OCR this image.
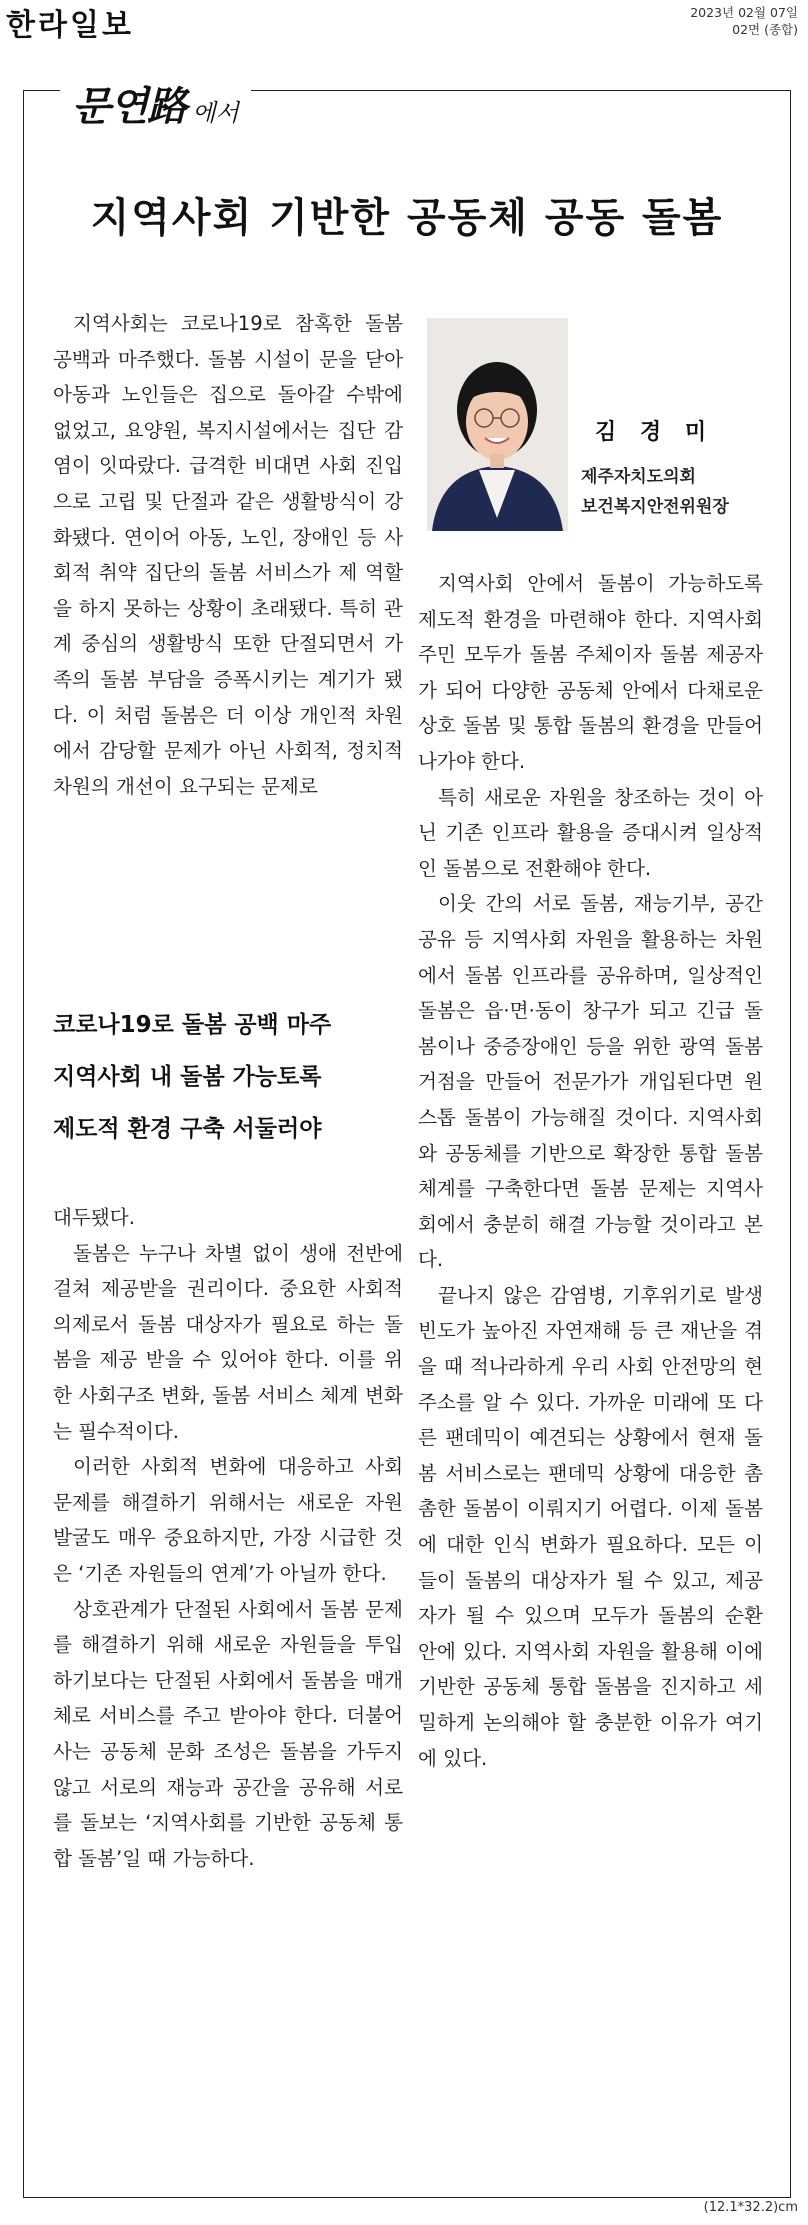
한라일보	2023년 02월 07일
02면 (종합)
문연路 에서
지역사회 기반한 공동체 공동 돌봄

지역사회는 코로나19로 참혹한 돌봄 공백과 마주했다. 돌봄 시설이 문을 닫아 아동과 노인들은 집으로 돌아갈 수밖에 없었고, 요양원, 복지시설에서는 집단 감염이 잇따랐다. 급격한 비대면 사회 진입으로 고립 및 단절과 같은 생활방식이 강화됐다. 연이어 아동, 노인, 장애인 등 사회적 취약 집단의 돌봄 서비스가 제 역할을 하지 못하는 상황이 초래됐다. 특히 관계 중심의 생활방식 또한 단절되면서 가족의 돌봄 부담을 증폭시키는 계기가 됐다. 이 처럼 돌봄은 더 이상 개인적 차원에서 감당할 문제가 아닌 사회적, 정치적 차원의 개선이 요구되는 문제로

코로나19로 돌봄 공백 마주
지역사회 내 돌봄 가능토록
제도적 환경 구축 서둘러야

대두됐다.

돌봄은 누구나 차별 없이 생애 전반에 걸쳐 제공받을 권리이다. 중요한 사회적 의제로서 돌봄 대상자가 필요로 하는 돌봄을 제공 받을 수 있어야 한다. 이를 위한 사회구조 변화, 돌봄 서비스 체계 변화는 필수적이다.

이러한 사회적 변화에 대응하고 사회 문제를 해결하기 위해서는 새로운 자원 발굴도 매우 중요하지만, 가장 시급한 것은 ‘기존 자원들의 연계’가 아닐까 한다.

상호관계가 단절된 사회에서 돌봄 문제를 해결하기 위해 새로운 자원들을 투입하기보다는 단절된 사회에서 돌봄을 매개체로 서비스를 주고 받아야 한다. 더불어 사는 공동체 문화 조성은 돌봄을 가두지 않고 서로의 재능과 공간을 공유해 서로를 돌보는 ‘지역사회를 기반한 공동체 통합 돌봄’일 때 가능하다.

김 경 미
제주자치도의회
보건복지안전위원장

지역사회 안에서 돌봄이 가능하도록 제도적 환경을 마련해야 한다. 지역사회 주민 모두가 돌봄 주체이자 돌봄 제공자가 되어 다양한 공동체 안에서 다채로운 상호 돌봄 및 통합 돌봄의 환경을 만들어 나가야 한다.

특히 새로운 자원을 창조하는 것이 아닌 기존 인프라 활용을 증대시켜 일상적인 돌봄으로 전환해야 한다.

이웃 간의 서로 돌봄, 재능기부, 공간 공유 등 지역사회 자원을 활용하는 차원에서 돌봄 인프라를 공유하며, 일상적인 돌봄은 읍·면·동이 창구가 되고 긴급 돌봄이나 중증장애인 등을 위한 광역 돌봄 거점을 만들어 전문가가 개입된다면 원스톱 돌봄이 가능해질 것이다. 지역사회와 공동체를 기반으로 확장한 통합 돌봄 체계를 구축한다면 돌봄 문제는 지역사회에서 충분히 해결 가능할 것이라고 본다.

끝나지 않은 감염병, 기후위기로 발생 빈도가 높아진 자연재해 등 큰 재난을 겪을 때 적나라하게 우리 사회 안전망의 현주소를 알 수 있다. 가까운 미래에 또 다른 팬데믹이 예견되는 상황에서 현재 돌봄 서비스로는 팬데믹 상황에 대응한 촘촘한 돌봄이 이뤄지기 어렵다. 이제 돌봄에 대한 인식 변화가 필요하다. 모든 이들이 돌봄의 대상자가 될 수 있고, 제공자가 될 수 있으며 모두가 돌봄의 순환 안에 있다. 지역사회 자원을 활용해 이에 기반한 공동체 통합 돌봄을 진지하고 세밀하게 논의해야 할 충분한 이유가 여기에 있다.

(12.1*32.2)cm
